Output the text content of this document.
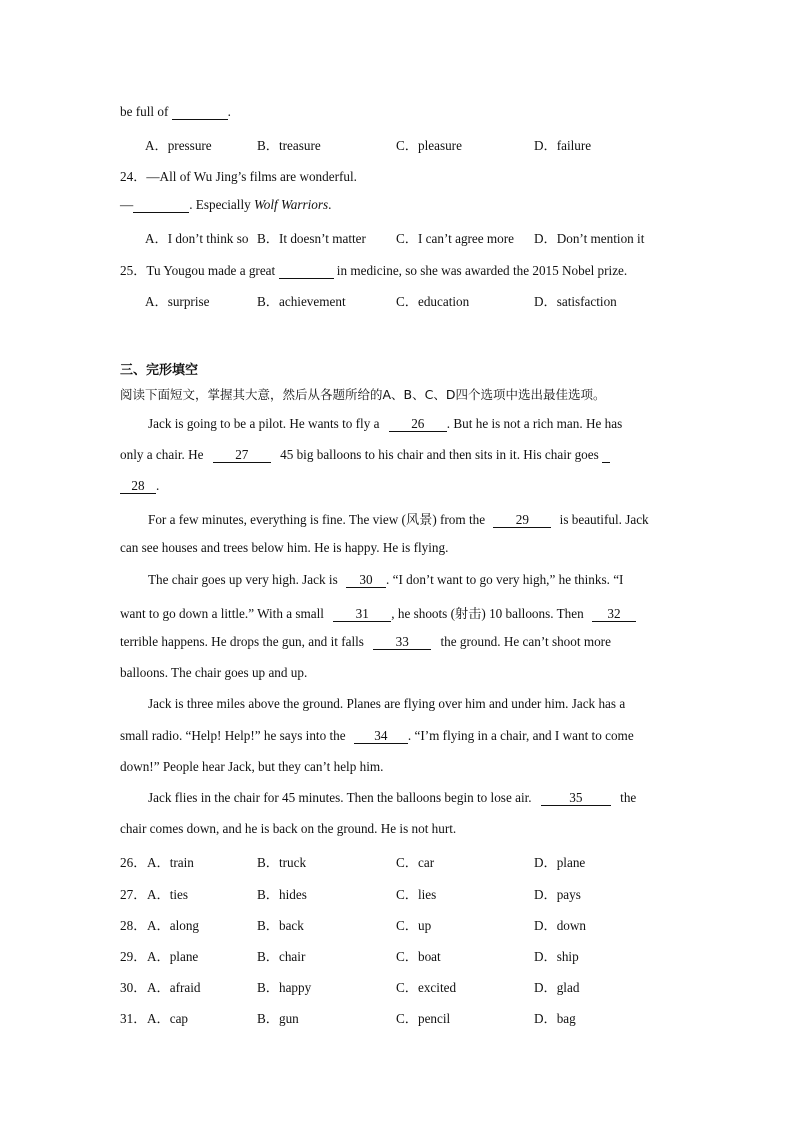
be full of	.
A．pressure	B．treasure	C．pleasure	D．failure
24．—All of Wu Jing’s films are wonderful.
—	. Especially Wolf Warriors.
A．I don’t think so B．It doesn’t matter C．I can’t agree more D．Don’t mention it
25．Tu Yougou made a great	in medicine, so she was awarded the 2015 Nobel prize.
A．surprise	B．achievement	C．education	D．satisfaction
三、完形填空
阅读下面短文，掌握其大意，然后从各题所给的A、B、C、D四个选项中选出最佳选项。
Jack is going to be a pilot. He wants to fly a 26 . But he is not a rich man. He has
only a chair. He 27 45 big balloons to his chair and then sits in it. His chair goes
28 .
For a few minutes, everything is fine. The view (风景) from the 29 is beautiful. Jack
can see houses and trees below him. He is happy. He is flying.
The chair goes up very high. Jack is 30 . “I don’t want to go very high,” he thinks. “I
want to go down a little.” With a small 31 , he shoots (射击) 10 balloons. Then 32
terrible happens. He drops the gun, and it falls 33 the ground. He can’t shoot more
balloons. The chair goes up and up.
Jack is three miles above the ground. Planes are flying over him and under him. Jack has a
small radio. “Help! Help!” he says into the 34 . “I’m flying in a chair, and I want to come
down!” People hear Jack, but they can’t help him.
Jack flies in the chair for 45 minutes. Then the balloons begin to lose air.	35	the
chair comes down, and he is back on the ground. He is not hurt.
26． A．train	B．truck	C．car	D．plane
27． A．ties	B．hides	C．lies	D．pays
28． A．along	B．back	C．up	D．down
29． A．plane	B．chair	C．boat	D．ship
30． A．afraid	B．happy	C．excited	D．glad
31． A．cap	B．gun	C．pencil	D．bag
